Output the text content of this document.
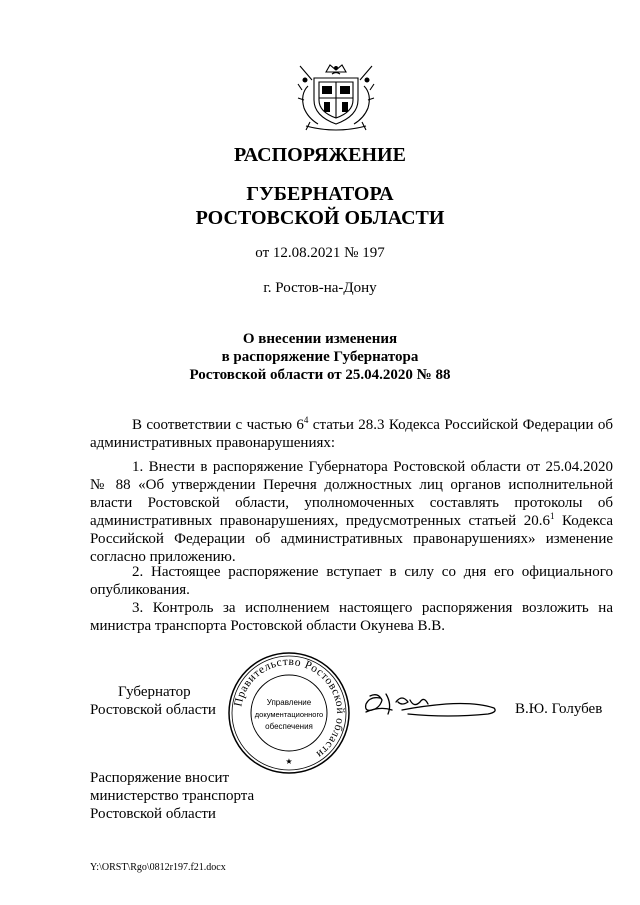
РАСПОРЯЖЕНИЕ
ГУБЕРНАТОРА
РОСТОВСКОЙ ОБЛАСТИ
от 12.08.2021 № 197
г. Ростов-на-Дону
О внесении изменения
в распоряжение Губернатора
Ростовской области от 25.04.2020 № 88
В соответствии с частью $6^4$ статьи 28.3 Кодекса Российской Федерации об административных правонарушениях:
1. Внести в распоряжение Губернатора Ростовской области от 25.04.2020 № 88 «Об утверждении Перечня должностных лиц органов исполнительной власти Ростовской области, уполномоченных составлять протоколы об административных правонарушениях, предусмотренных статьей 20.6$^1$ Кодекса Российской Федерации об административных правонарушениях» изменение согласно приложению.
2. Настоящее распоряжение вступает в силу со дня его официального опубликования.
3. Контроль за исполнением настоящего распоряжения возложить на министра транспорта Ростовской области Окунева В.В.
Губернатор
Ростовской области
Правительство Ростовской области
Управление
документационного
обеспечения
★
В.Ю. Голубев
Распоряжение вносит
министерство транспорта
Ростовской области
Y:\ORST\Rgo\0812r197.f21.docx
